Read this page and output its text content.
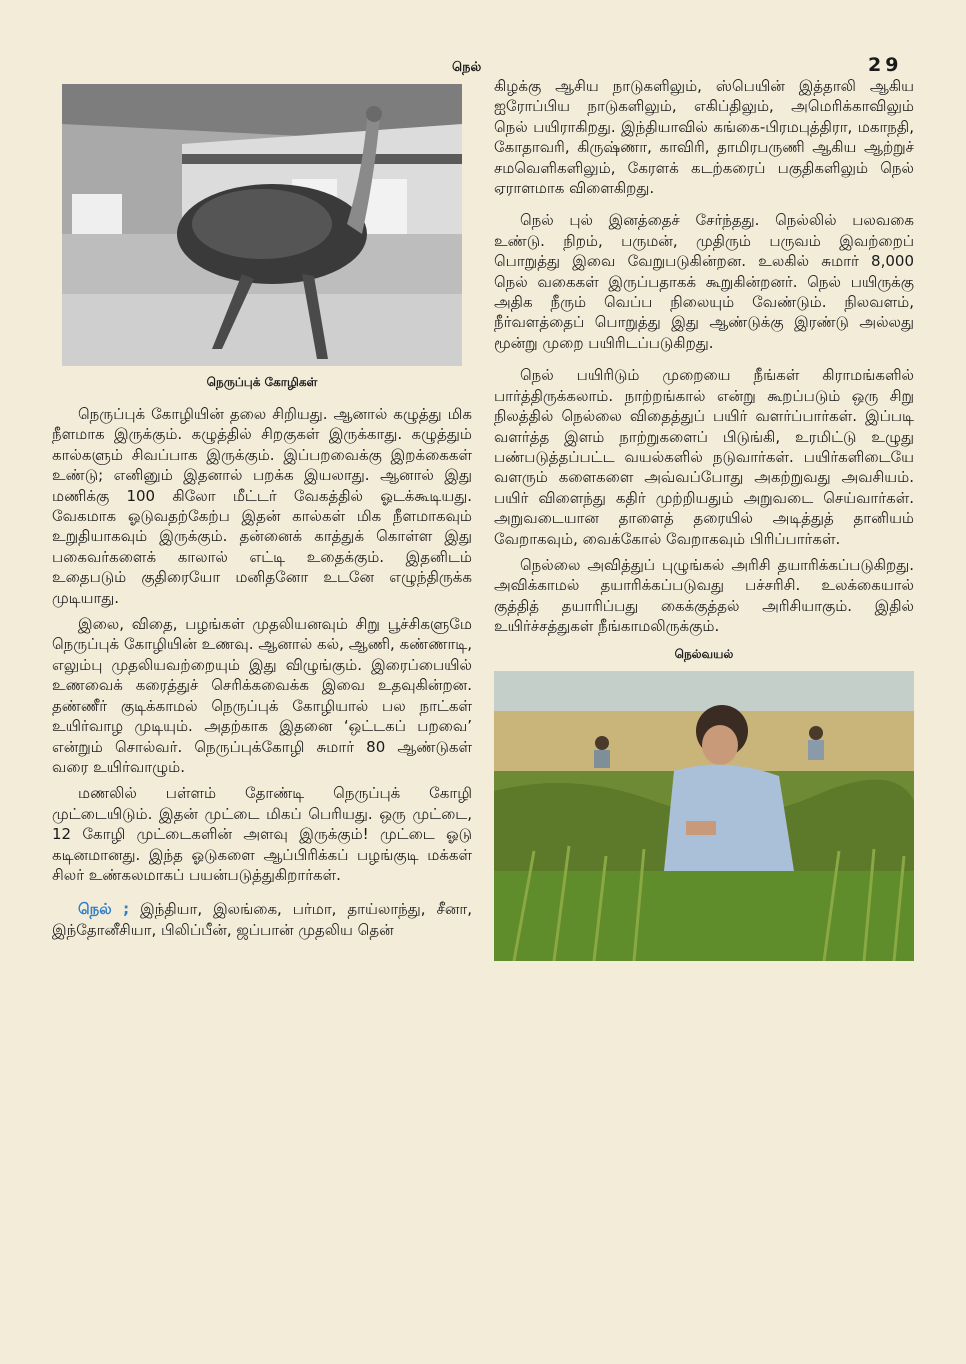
நெல்	29
நெருப்புக் கோழிகள்

நெருப்புக் கோழியின் தலை சிறியது. ஆனால் கழுத்து மிக நீளமாக இருக்கும். கழுத்தில் சிறகுகள் இருக்காது. கழுத்தும் கால்களும் சிவப்பாக இருக்கும். இப்பறவைக்கு இறக்கைகள் உண்டு; எனினும் இதனால் பறக்க இயலாது. ஆனால் இது மணிக்கு 100 கிலோ மீட்டர் வேகத்தில் ஓடக்கூடியது. வேகமாக ஓடுவதற்கேற்ப இதன் கால்கள் மிக நீளமாகவும் உறுதியாகவும் இருக்கும். தன்னைக் காத்துக் கொள்ள இது பகைவர்களைக் காலால் எட்டி உதைக்கும். இதனிடம் உதைபடும் குதிரையோ மனிதனோ உடனே எழுந்திருக்க முடியாது.

இலை, விதை, பழங்கள் முதலியனவும் சிறு பூச்சிகளுமே நெருப்புக் கோழியின் உணவு. ஆனால் கல், ஆணி, கண்ணாடி, எலும்பு முதலியவற்றையும் இது விழுங்கும். இரைப்பையில் உணவைக் கரைத்துச் செரிக்கவைக்க இவை உதவுகின்றன. தண்ணீர் குடிக்காமல் நெருப்புக் கோழியால் பல நாட்கள் உயிர்வாழ முடியும். அதற்காக இதனை ‘ஒட்டகப் பறவை’ என்றும் சொல்வர். நெருப்புக்கோழி சுமார் 80 ஆண்டுகள் வரை உயிர்வாழும்.

மணலில் பள்ளம் தோண்டி நெருப்புக் கோழி முட்டையிடும். இதன் முட்டை மிகப் பெரியது. ஒரு முட்டை, 12 கோழி முட்டைகளின் அளவு இருக்கும்! முட்டை ஓடு கடினமானது. இந்த ஓடுகளை ஆப்பிரிக்கப் பழங்குடி மக்கள் சிலர் உண்கலமாகப் பயன்படுத்துகிறார்கள்.

நெல் ; இந்தியா, இலங்கை, பர்மா, தாய்லாந்து, சீனா, இந்தோனீசியா, பிலிப்பீன், ஜப்பான் முதலிய தென்

கிழக்கு ஆசிய நாடுகளிலும், ஸ்பெயின் இத்தாலி ஆகிய ஐரோப்பிய நாடுகளிலும், எகிப்திலும், அமெரிக்காவிலும் நெல் பயிராகிறது. இந்தியாவில் கங்கை-பிரமபுத்திரா, மகாநதி, கோதாவரி, கிருஷ்ணா, காவிரி, தாமிரபருணி ஆகிய ஆற்றுச் சமவெளிகளிலும், கேரளக் கடற்கரைப் பகுதிகளிலும் நெல் ஏராளமாக விளைகிறது.

நெல் புல் இனத்தைச் சேர்ந்தது. நெல்லில் பலவகை உண்டு. நிறம், பருமன், முதிரும் பருவம் இவற்றைப் பொறுத்து இவை வேறுபடுகின்றன. உலகில் சுமார் 8,000 நெல் வகைகள் இருப்பதாகக் கூறுகின்றனர். நெல் பயிருக்கு அதிக நீரும் வெப்ப நிலையும் வேண்டும். நிலவளம், நீர்வளத்தைப் பொறுத்து இது ஆண்டுக்கு இரண்டு அல்லது மூன்று முறை பயிரிடப்படுகிறது.

நெல் பயிரிடும் முறையை நீங்கள் கிராமங்களில் பார்த்திருக்கலாம். நாற்றங்கால் என்று கூறப்படும் ஒரு சிறு நிலத்தில் நெல்லை விதைத்துப் பயிர் வளர்ப்பார்கள். இப்படி வளர்த்த இளம் நாற்றுகளைப் பிடுங்கி, உரமிட்டு உழுது பண்படுத்தப்பட்ட வயல்களில் நடுவார்கள். பயிர்களிடையே வளரும் களைகளை அவ்வப்போது அகற்றுவது அவசியம். பயிர் விளைந்து கதிர் முற்றியதும் அறுவடை செய்வார்கள். அறுவடையான தாளைத் தரையில் அடித்துத் தானியம் வேறாகவும், வைக்கோல் வேறாகவும் பிரிப்பார்கள்.

நெல்லை அவித்துப் புழுங்கல் அரிசி தயாரிக்கப்படுகிறது. அவிக்காமல் தயாரிக்கப்படுவது பச்சரிசி. உலக்கையால் குத்தித் தயாரிப்பது கைக்குத்தல் அரிசியாகும். இதில் உயிர்ச்சத்துகள் நீங்காமலிருக்கும்.

நெல்வயல்
